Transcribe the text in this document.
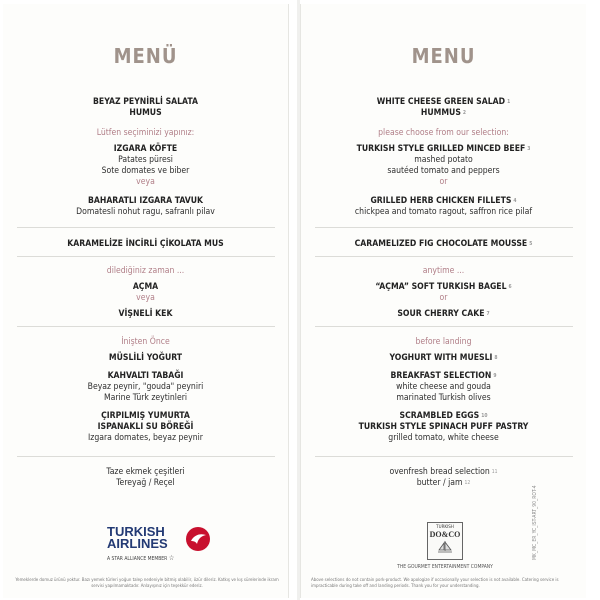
MENÜ
BEYAZ PEYNİRLİ SALATA
HUMUS
Lütfen seçiminizi yapınız:
IZGARA KÖFTE
Patates püresi
Sote domates ve biber
veya
BAHARATLI IZGARA TAVUK
Domatesli nohut ragu, safranlı pilav
KARAMELİZE İNCİRLİ ÇİKOLATA MUS
dilediğiniz zaman ...
AÇMA
veya
VİŞNELİ KEK
İnişten Önce
MÜSLİLİ YOĞURT
KAHVALTI TABAĞI
Beyaz peynir, "gouda" peyniri
Marine Türk zeytinleri
ÇIRPILMIŞ YUMURTA
ISPANAKLI SU BÖREĞİ
Izgara domates, beyaz peynir
Taze ekmek çeşitleri
Tereyağ / Reçel
TURKISH
AIRLINES
A STAR ALLIANCE MEMBER ☆
Yemeklerde domuz ürünü yoktur. Bazı yemek türleri yoğun talep nedeniyle bitmiş olabilir, özür dileriz. Katkış ve kış sürelerinde ikram servisi yapılmamaktadır. Anlayışınız için teşekkür ederiz.
MENU
WHITE CHEESE GREEN SALAD $^1$
HUMMUS $^2$
please choose from our selection:
TURKISH STYLE GRILLED MINCED BEEF $^3$
mashed potato
sautéed tomato and peppers
or
GRILLED HERB CHICKEN FILLETS $^4$
chickpea and tomato ragout, saffron rice pilaf
CARAMELIZED FIG CHOCOLATE MOUSSE $^5$
anytime ...
“AÇMA” SOFT TURKISH BAGEL $^6$
or
SOUR CHERRY CAKE $^7$
before landing
YOGHURT WITH MUESLI $^8$
BREAKFAST SELECTION $^9$
white cheese and gouda
marinated Turkish olives
SCRAMBLED EGGS $^{10}$
TURKISH STYLE SPINACH PUFF PASTRY
grilled tomato, white cheese
ovenfresh bread selection $^{11}$
butter / jam $^{12}$
TURKISH
DO&CO
THE GOURMET ENTERTAINMENT COMPANY
Above selections do not contain pork-product. We apologize if occasionally your selection is not available. Catering service is impracticable during take off and landing periods. Thank you for your understanding.
MK_MC_ER_YC_IST-ART_90_ROT-4
